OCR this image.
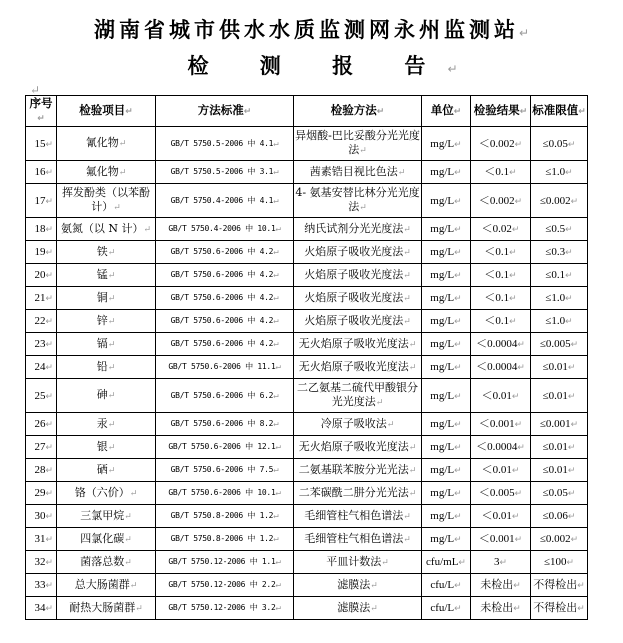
湖南省城市供水水质监测网永州监测站↵
检 测 报 告↵
↵
序号↵	检验项目↵	方法标准↵	检验方法↵	单位↵	检验结果↵	标准限值↵
15↵	氰化物↵	GB/T 5750.5-2006 中 4.1↵	异烟酸-巴比妥酸分光光度法↵	mg/L↵	＜0.002↵	≤0.05↵
16↵	氟化物↵	GB/T 5750.5-2006 中 3.1↵	茜素锆目视比色法↵	mg/L↵	＜0.1↵	≤1.0↵
17↵	挥发酚类（以苯酚计）↵	GB/T 5750.4-2006 中 4.1↵	4- 氨基安替比林分光光度法↵	mg/L↵	＜0.002↵	≤0.002↵
18↵	氨氮（以 N 计）↵	GB/T 5750.4-2006 中 10.1↵	纳氏试剂分光光度法↵	mg/L↵	＜0.02↵	≤0.5↵
19↵	铁↵	GB/T 5750.6-2006 中 4.2↵	火焰原子吸收光度法↵	mg/L↵	＜0.1↵	≤0.3↵
20↵	锰↵	GB/T 5750.6-2006 中 4.2↵	火焰原子吸收光度法↵	mg/L↵	＜0.1↵	≤0.1↵
21↵	铜↵	GB/T 5750.6-2006 中 4.2↵	火焰原子吸收光度法↵	mg/L↵	＜0.1↵	≤1.0↵
22↵	锌↵	GB/T 5750.6-2006 中 4.2↵	火焰原子吸收光度法↵	mg/L↵	＜0.1↵	≤1.0↵
23↵	镉↵	GB/T 5750.6-2006 中 4.2↵	无火焰原子吸收光度法↵	mg/L↵	＜0.0004↵	≤0.005↵
24↵	铅↵	GB/T 5750.6-2006 中 11.1↵	无火焰原子吸收光度法↵	mg/L↵	＜0.0004↵	≤0.01↵
25↵	砷↵	GB/T 5750.6-2006 中 6.2↵	二乙氨基二硫代甲酸银分光光度法↵	mg/L↵	＜0.01↵	≤0.01↵
26↵	汞↵	GB/T 5750.6-2006 中 8.2↵	冷原子吸收法↵	mg/L↵	＜0.001↵	≤0.001↵
27↵	银↵	GB/T 5750.6-2006 中 12.1↵	无火焰原子吸收光度法↵	mg/L↵	＜0.0004↵	≤0.01↵
28↵	硒↵	GB/T 5750.6-2006 中 7.5↵	二氨基联苯胺分光光法↵	mg/L↵	＜0.01↵	≤0.01↵
29↵	铬（六价）↵	GB/T 5750.6-2006 中 10.1↵	二苯碳酰二肼分光光法↵	mg/L↵	＜0.005↵	≤0.05↵
30↵	三氯甲烷↵	GB/T 5750.8-2006 中 1.2↵	毛细管柱气相色谱法↵	mg/L↵	＜0.01↵	≤0.06↵
31↵	四氯化碳↵	GB/T 5750.8-2006 中 1.2↵	毛细管柱气相色谱法↵	mg/L↵	＜0.001↵	≤0.002↵
32↵	菌落总数↵	GB/T 5750.12-2006 中 1.1↵	平皿计数法↵	cfu/mL↵	3↵	≤100↵
33↵	总大肠菌群↵	GB/T 5750.12-2006 中 2.2↵	滤膜法↵	cfu/L↵	未检出↵	不得检出↵
34↵	耐热大肠菌群↵	GB/T 5750.12-2006 中 3.2↵	滤膜法↵	cfu/L↵	未检出↵	不得检出↵
